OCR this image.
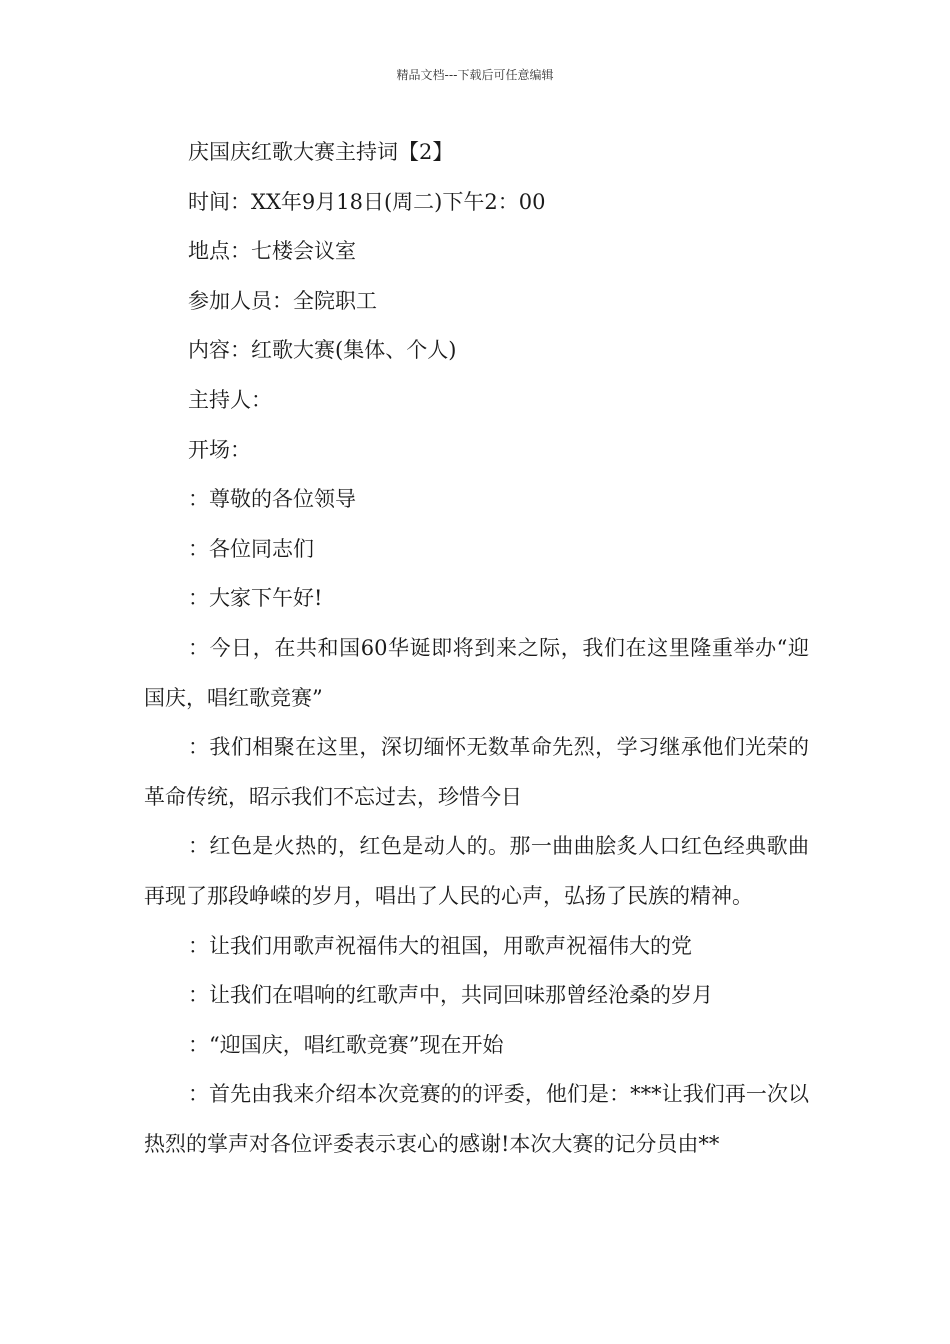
精品文档---下载后可任意编辑

庆国庆红歌大赛主持词【2】

时间：XX年9月18日(周二)下午2：00

地点：七楼会议室

参加人员：全院职工

内容：红歌大赛(集体、个人)

主持人：

开场：

：尊敬的各位领导

：各位同志们

：大家下午好!

：今日，在共和国60华诞即将到来之际，我们在这里隆重举办“迎国庆，唱红歌竞赛”

：我们相聚在这里，深切缅怀无数革命先烈，学习继承他们光荣的革命传统，昭示我们不忘过去，珍惜今日

：红色是火热的，红色是动人的。那一曲曲脍炙人口红色经典歌曲再现了那段峥嵘的岁月，唱出了人民的心声，弘扬了民族的精神。

：让我们用歌声祝福伟大的祖国，用歌声祝福伟大的党

：让我们在唱响的红歌声中，共同回味那曾经沧桑的岁月

：“迎国庆，唱红歌竞赛”现在开始

：首先由我来介绍本次竞赛的的评委，他们是：***让我们再一次以热烈的掌声对各位评委表示衷心的感谢!本次大赛的记分员由**
